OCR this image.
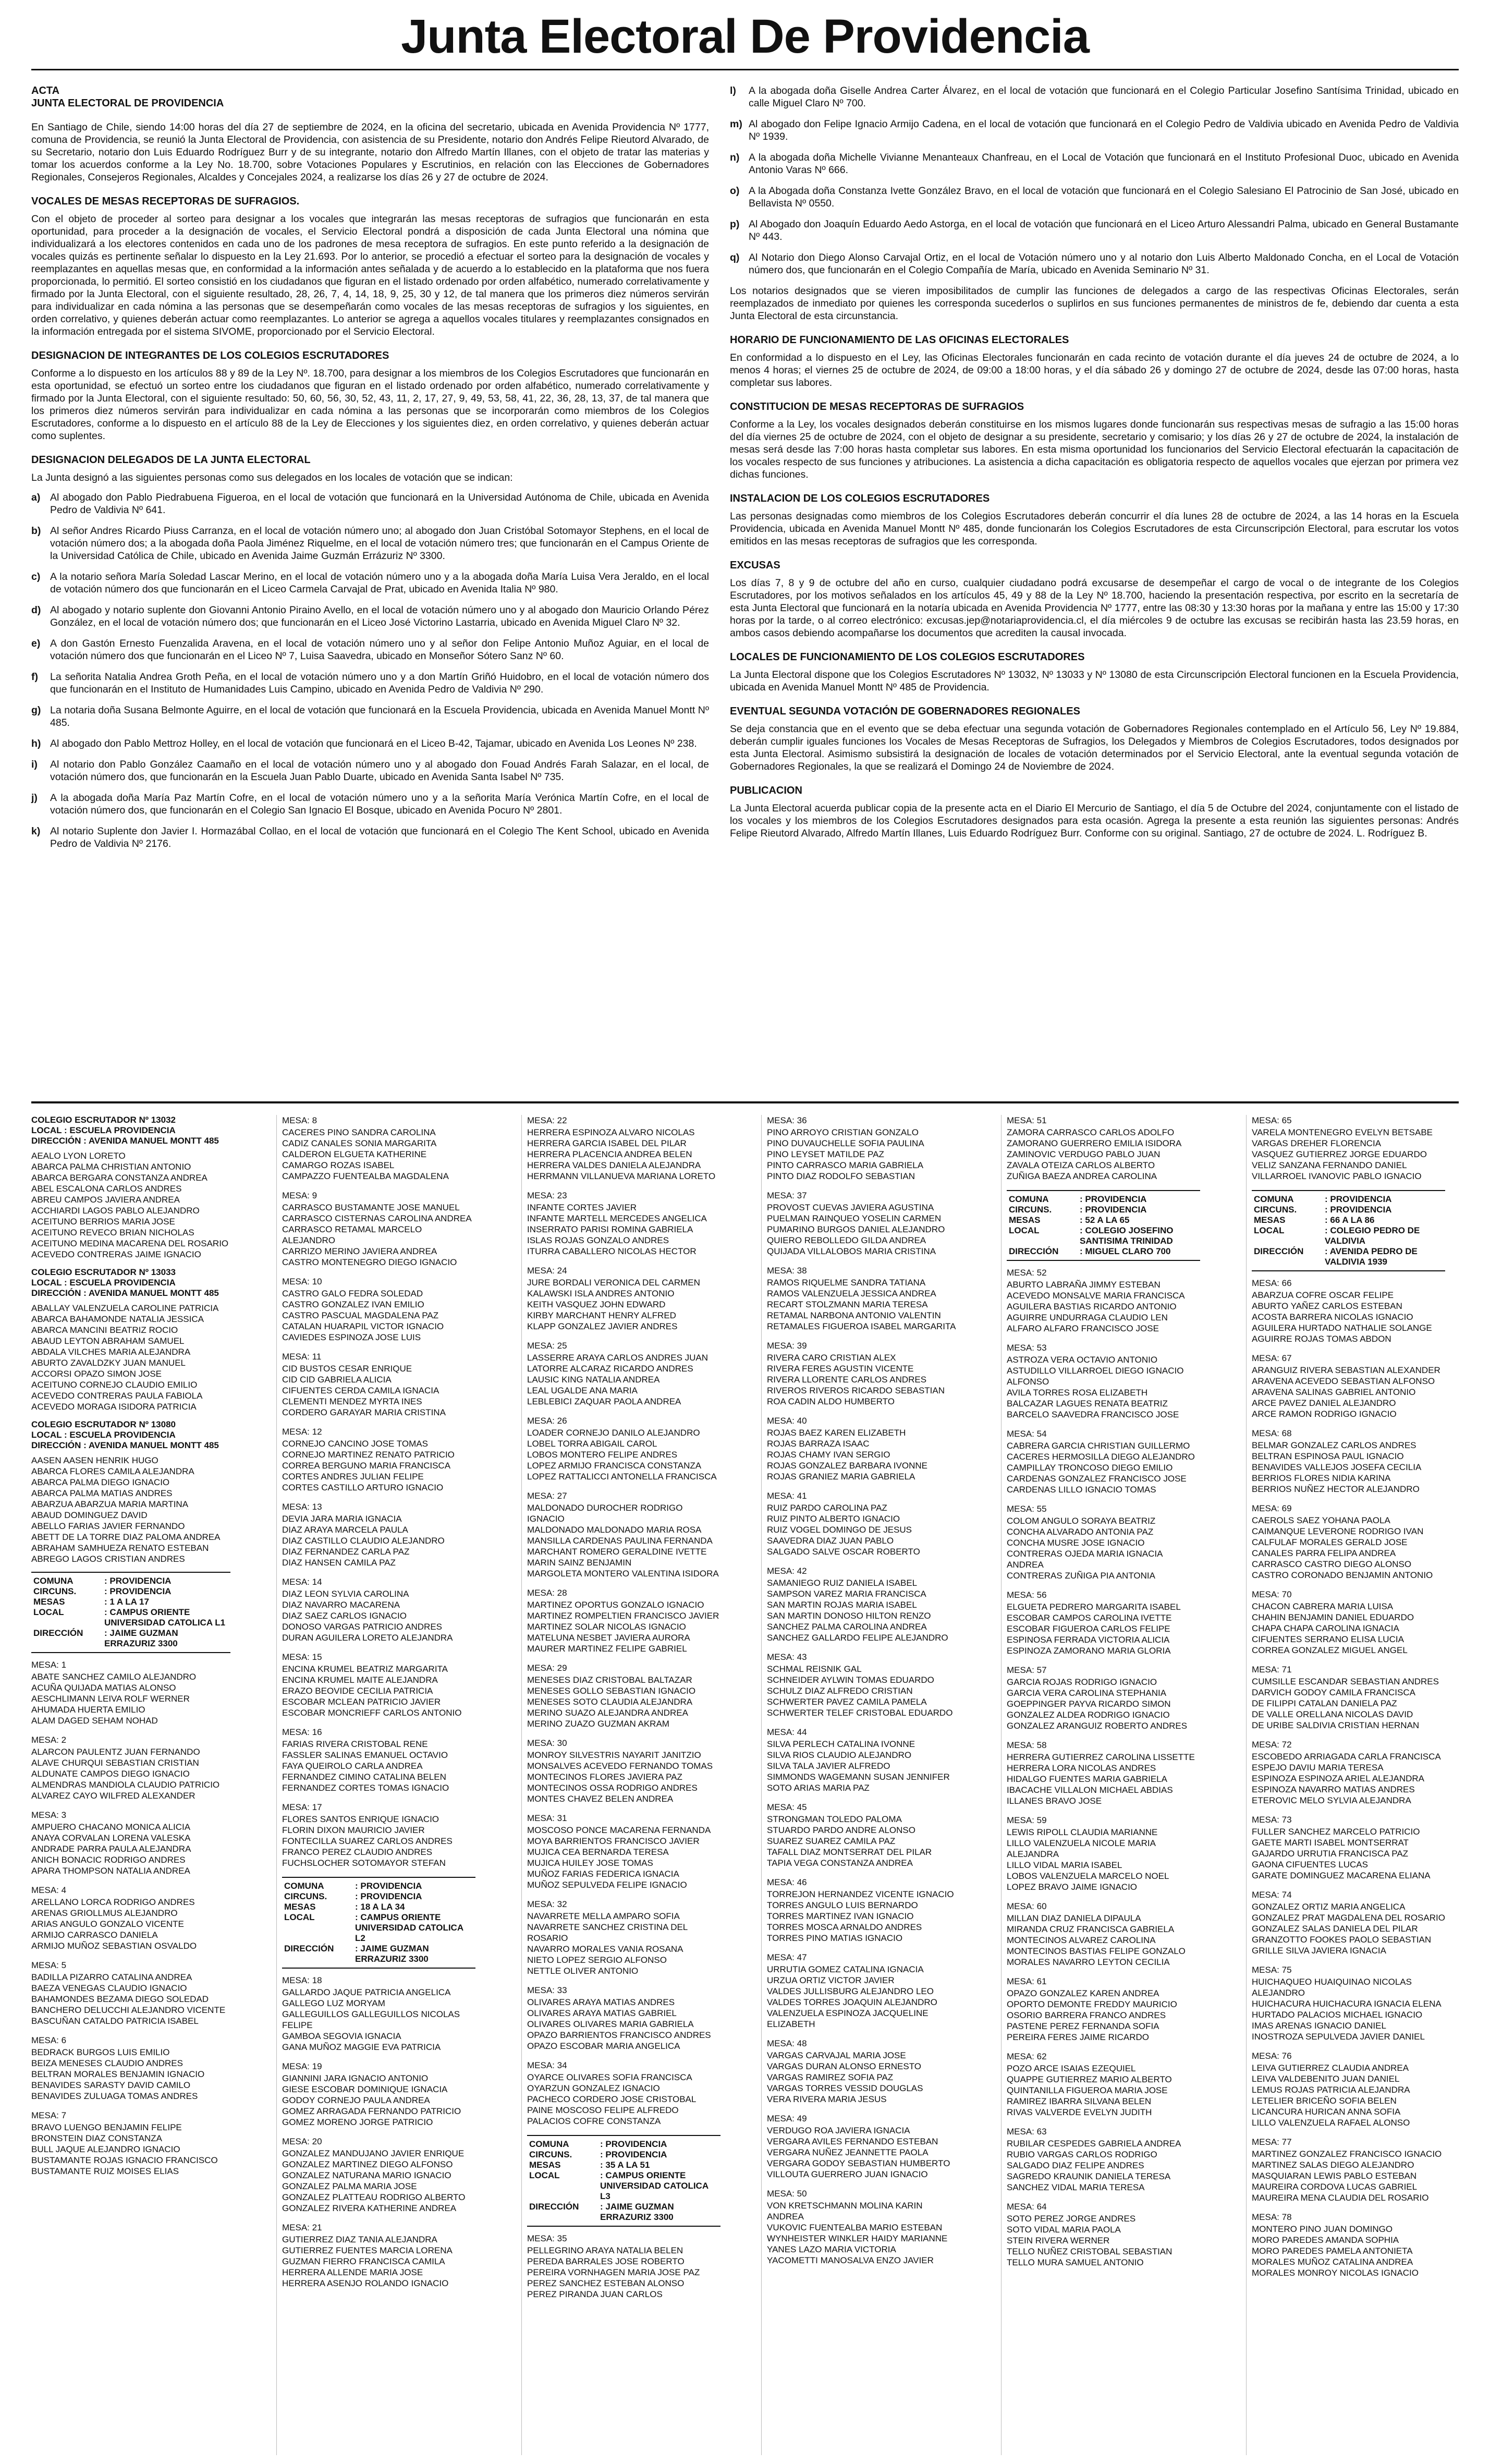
Junta Electoral De Providencia
ACTA
JUNTA ELECTORAL DE PROVIDENCIA

En Santiago de Chile, siendo 14:00 horas del día 27 de septiembre de 2024, en la oficina del secretario, ubicada en Avenida Providencia Nº 1777, comuna de Providencia, se reunió la Junta Electoral de Providencia, con asistencia de su Presidente, notario don Andrés Felipe Rieutord Alvarado, de su Secretario, notario don Luis Eduardo Rodríguez Burr y de su integrante, notario don Alfredo Martín Illanes, con el objeto de tratar las materias y tomar los acuerdos conforme a la Ley No. 18.700, sobre Votaciones Populares y Escrutinios, en relación con las Elecciones de Gobernadores Regionales, Consejeros Regionales, Alcaldes y Concejales 2024, a realizarse los días 26 y 27 de octubre de 2024.

VOCALES DE MESAS RECEPTORAS DE SUFRAGIOS.

Con el objeto de proceder al sorteo para designar a los vocales que integrarán las mesas receptoras de sufragios que funcionarán en esta oportunidad, para proceder a la designación de vocales, el Servicio Electoral pondrá a disposición de cada Junta Electoral una nómina que individualizará a los electores contenidos en cada uno de los padrones de mesa receptora de sufragios. En este punto referido a la designación de vocales quizás es pertinente señalar lo dispuesto en la Ley 21.693. Por lo anterior, se procedió a efectuar el sorteo para la designación de vocales y reemplazantes en aquellas mesas que, en conformidad a la información antes señalada y de acuerdo a lo establecido en la plataforma que nos fuera proporcionada, lo permitió. El sorteo consistió en los ciudadanos que figuran en el listado ordenado por orden alfabético, numerado correlativamente y firmado por la Junta Electoral, con el siguiente resultado, 28, 26, 7, 4, 14, 18, 9, 25, 30 y 12, de tal manera que los primeros diez números servirán para individualizar en cada nómina a las personas que se desempeñarán como vocales de las mesas receptoras de sufragios y los siguientes, en orden correlativo, y quienes deberán actuar como reemplazantes. Lo anterior se agrega a aquellos vocales titulares y reemplazantes consignados en la información entregada por el sistema SIVOME, proporcionado por el Servicio Electoral.

DESIGNACION DE INTEGRANTES DE LOS COLEGIOS ESCRUTADORES

Conforme a lo dispuesto en los artículos 88 y 89 de la Ley Nº. 18.700, para designar a los miembros de los Colegios Escrutadores que funcionarán en esta oportunidad, se efectuó un sorteo entre los ciudadanos que figuran en el listado ordenado por orden alfabético, numerado correlativamente y firmado por la Junta Electoral, con el siguiente resultado: 50, 60, 56, 30, 52, 43, 11, 2, 17, 27, 9, 49, 53, 58, 41, 22, 36, 28, 13, 37, de tal manera que los primeros diez números servirán para individualizar en cada nómina a las personas que se incorporarán como miembros de los Colegios Escrutadores, conforme a lo dispuesto en el artículo 88 de la Ley de Elecciones y los siguientes diez, en orden correlativo, y quienes deberán actuar como suplentes.

DESIGNACION DELEGADOS DE LA JUNTA ELECTORAL

La Junta designó a las siguientes personas como sus delegados en los locales de votación que se indican:

a) Al abogado don Pablo Piedrabuena Figueroa, en el local de votación que funcionará en la Universidad Autónoma de Chile, ubicada en Avenida Pedro de Valdivia Nº 641.
b) Al señor Andres Ricardo Piuss Carranza, en el local de votación número uno; al abogado don Juan Cristóbal Sotomayor Stephens, en el local de votación número dos; a la abogada doña Paola Jiménez Riquelme, en el local de votación número tres; que funcionarán en el Campus Oriente de la Universidad Católica de Chile, ubicado en Avenida Jaime Guzmán Errázuriz Nº 3300.
c) A la notario señora María Soledad Lascar Merino, en el local de votación número uno y a la abogada doña María Luisa Vera Jeraldo, en el local de votación número dos que funcionarán en el Liceo Carmela Carvajal de Prat, ubicado en Avenida Italia Nº 980.
d) Al abogado y notario suplente don Giovanni Antonio Piraino Avello, en el local de votación número uno y al abogado don Mauricio Orlando Pérez González, en el local de votación número dos; que funcionarán en el Liceo José Victorino Lastarria, ubicado en Avenida Miguel Claro Nº 32.
e) A don Gastón Ernesto Fuenzalida Aravena, en el local de votación número uno y al señor don Felipe Antonio Muñoz Aguiar, en el local de votación número dos que funcionarán en el Liceo Nº 7, Luisa Saavedra, ubicado en Monseñor Sótero Sanz Nº 60.
f)	La señorita Natalia Andrea Groth Peña, en el local de votación número uno y a don Martín Griñó Huidobro, en el local de votación número dos que funcionarán en el Instituto de Humanidades Luis Campino, ubicado en Avenida Pedro de Valdivia Nº 290.
g) La notaria doña Susana Belmonte Aguirre, en el local de votación que funcionará en la Escuela Providencia, ubicada en Avenida Manuel Montt Nº 485.
h) Al abogado don Pablo Mettroz Holley, en el local de votación que funcionará en el Liceo B-42, Tajamar, ubicado en Avenida Los Leones Nº 238.
i)	Al notario don Pablo González Caamaño en el local de votación número uno y al abogado don Fouad Andrés Farah Salazar, en el local, de votación número dos, que funcionarán en la Escuela Juan Pablo Duarte, ubicado en Avenida Santa Isabel Nº 735.
j)	A la abogada doña María Paz Martín Cofre, en el local de votación número uno y a la señorita María Verónica Martín Cofre, en el local de votación número dos, que funcionarán en el Colegio San Ignacio El Bosque, ubicado en Avenida Pocuro Nº 2801.
k) Al notario Suplente don Javier I. Hormazábal Collao, en el local de votación que funcionará en el Colegio The Kent School, ubicado en Avenida Pedro de Valdivia Nº 2176.
l)	A la abogada doña Giselle Andrea Carter Álvarez, en el local de votación que funcionará en el Colegio Particular Josefino Santísima Trinidad, ubicado en calle Miguel Claro Nº 700.
m) Al abogado don Felipe Ignacio Armijo Cadena, en el local de votación que funcionará en el Colegio Pedro de Valdivia ubicado en Avenida Pedro de Valdivia Nº 1939.
n) A la abogada doña Michelle Vivianne Menanteaux Chanfreau, en el Local de Votación que funcionará en el Instituto Profesional Duoc, ubicado en Avenida Antonio Varas Nº 666.
o) A la Abogada doña Constanza Ivette González Bravo, en el local de votación que funcionará en el Colegio Salesiano El Patrocinio de San José, ubicado en Bellavista Nº 0550.
p) Al Abogado don Joaquín Eduardo Aedo Astorga, en el local de votación que funcionará en el Liceo Arturo Alessandri Palma, ubicado en General Bustamante Nº 443.
q) Al Notario don Diego Alonso Carvajal Ortiz, en el local de Votación número uno y al notario don Luis Alberto Maldonado Concha, en el Local de Votación número dos, que funcionarán en el Colegio Compañía de María, ubicado en Avenida Seminario Nº 31.

Los notarios designados que se vieren imposibilitados de cumplir las funciones de delegados a cargo de las respectivas Oficinas Electorales, serán reemplazados de inmediato por quienes les corresponda sucederlos o suplirlos en sus funciones permanentes de ministros de fe, debiendo dar cuenta a esta Junta Electoral de esta circunstancia.

HORARIO DE FUNCIONAMIENTO DE LAS OFICINAS ELECTORALES

En conformidad a lo dispuesto en el Ley, las Oficinas Electorales funcionarán en cada recinto de votación durante el día jueves 24 de octubre de 2024, a lo menos 4 horas; el viernes 25 de octubre de 2024, de 09:00 a 18:00 horas, y el día sábado 26 y domingo 27 de octubre de 2024, desde las 07:00 horas, hasta completar sus labores.

CONSTITUCION DE MESAS RECEPTORAS DE SUFRAGIOS

Conforme a la Ley, los vocales designados deberán constituirse en los mismos lugares donde funcionarán sus respectivas mesas de sufragio a las 15:00 horas del día viernes 25 de octubre de 2024, con el objeto de designar a su presidente, secretario y comisario; y los días 26 y 27 de octubre de 2024, la instalación de mesas será desde las 7:00 horas hasta completar sus labores. En esta misma oportunidad los funcionarios del Servicio Electoral efectuarán la capacitación de los vocales respecto de sus funciones y atribuciones. La asistencia a dicha capacitación es obligatoria respecto de aquellos vocales que ejerzan por primera vez dichas funciones.

INSTALACION DE LOS COLEGIOS ESCRUTADORES

Las personas designadas como miembros de los Colegios Escrutadores deberán concurrir el día lunes 28 de octubre de 2024, a las 14 horas en la Escuela Providencia, ubicada en Avenida Manuel Montt Nº 485, donde funcionarán los Colegios Escrutadores de esta Circunscripción Electoral, para escrutar los votos emitidos en las mesas receptoras de sufragios que les corresponda.

EXCUSAS

Los días 7, 8 y 9 de octubre del año en curso, cualquier ciudadano podrá excusarse de desempeñar el cargo de vocal o de integrante de los Colegios Escrutadores, por los motivos señalados en los artículos 45, 49 y 88 de la Ley Nº 18.700, haciendo la presentación respectiva, por escrito en la secretaría de esta Junta Electoral que funcionará en la notaría ubicada en Avenida Providencia Nº 1777, entre las 08:30 y 13:30 horas por la mañana y entre las 15:00 y 17:30 horas por la tarde, o al correo electrónico: excusas.jep@notariaprovidencia.cl, el día miércoles 9 de octubre las excusas se recibirán hasta las 23.59 horas, en ambos casos debiendo acompañarse los documentos que acrediten la causal invocada.

LOCALES DE FUNCIONAMIENTO DE LOS COLEGIOS ESCRUTADORES

La Junta Electoral dispone que los Colegios Escrutadores Nº 13032, Nº 13033 y Nº 13080 de esta Circunscripción Electoral funcionen en la Escuela Providencia, ubicada en Avenida Manuel Montt Nº 485 de Providencia.

EVENTUAL SEGUNDA VOTACIÓN DE GOBERNADORES REGIONALES

Se deja constancia que en el evento que se deba efectuar una segunda votación de Gobernadores Regionales contemplado en el Artículo 56, Ley Nº 19.884, deberán cumplir iguales funciones los Vocales de Mesas Receptoras de Sufragios, los Delegados y Miembros de Colegios Escrutadores, todos designados por esta Junta Electoral. Asimismo subsistirá la designación de locales de votación determinados por el Servicio Electoral, ante la eventual segunda votación de Gobernadores Regionales, la que se realizará el Domingo 24 de Noviembre de 2024.

PUBLICACION

La Junta Electoral acuerda publicar copia de la presente acta en el Diario El Mercurio de Santiago, el día 5 de Octubre del 2024, conjuntamente con el listado de los vocales y los miembros de los Colegios Escrutadores designados para esta ocasión. Agrega la presente a esta reunión las siguientes personas: Andrés Felipe Rieutord Alvarado, Alfredo Martín Illanes, Luis Eduardo Rodríguez Burr. Conforme con su original. Santiago, 27 de octubre de 2024. L. Rodríguez B.

COLEGIO ESCRUTADOR Nº 13032
LOCAL : ESCUELA PROVIDENCIA
DIRECCIÓN : AVENIDA MANUEL MONTT 485
AEALO LYON LORETO
ABARCA PALMA CHRISTIAN ANTONIO
ABARCA BERGARA CONSTANZA ANDREA
ABEL ESCALONA CARLOS ANDRES
ABREU CAMPOS JAVIERA ANDREA
ACCHIARDI LAGOS PABLO ALEJANDRO
ACEITUNO BERRIOS MARIA JOSE
ACEITUNO REVECO BRIAN NICHOLAS
ACEITUNO MEDINA MACARENA DEL ROSARIO
ACEVEDO CONTRERAS JAIME IGNACIO
COLEGIO ESCRUTADOR Nº 13033
LOCAL : ESCUELA PROVIDENCIA
DIRECCIÓN : AVENIDA MANUEL MONTT 485
ABALLAY VALENZUELA CAROLINE PATRICIA
ABARCA BAHAMONDE NATALIA JESSICA
ABARCA MANCINI BEATRIZ ROCIO
ABAUD LEYTON ABRAHAM SAMUEL
ABDALA VILCHES MARIA ALEJANDRA
ABURTO ZAVALDZKY JUAN MANUEL
ACCORSI OPAZO SIMON JOSE
ACEITUNO CORNEJO CLAUDIO EMILIO
ACEVEDO CONTRERAS PAULA FABIOLA
ACEVEDO MORAGA ISIDORA PATRICIA
COLEGIO ESCRUTADOR Nº 13080
LOCAL : ESCUELA PROVIDENCIA
DIRECCIÓN : AVENIDA MANUEL MONTT 485
AASEN AASEN HENRIK HUGO
ABARCA FLORES CAMILA ALEJANDRA
ABARCA PALMA DIEGO IGNACIO
ABARCA PALMA MATIAS ANDRES
ABARZUA ABARZUA MARIA MARTINA
ABAUD DOMINGUEZ DAVID
ABELLO FARIAS JAVIER FERNANDO
ABETT DE LA TORRE DIAZ PALOMA ANDREA
ABRAHAM SAMHUEZA RENATO ESTEBAN
ABREGO LAGOS CRISTIAN ANDRES
COMUNA	: PROVIDENCIA
CIRCUNS.	: PROVIDENCIA
MESAS	: 1 A LA 17
LOCAL	: CAMPUS ORIENTE UNIVERSIDAD CATOLICA L1
DIRECCIÓN	: JAIME GUZMAN ERRAZURIZ 3300
MESA: 1
ABATE SANCHEZ CAMILO ALEJANDRO
ACUÑA QUIJADA MATIAS ALONSO
AESCHLIMANN LEIVA ROLF WERNER
AHUMADA HUERTA EMILIO
ALAM DAGED SEHAM NOHAD
MESA: 2
ALARCON PAULENTZ JUAN FERNANDO
ALAVE CHURQUI SEBASTIAN CRISTIAN
ALDUNATE CAMPOS DIEGO IGNACIO
ALMENDRAS MANDIOLA CLAUDIO PATRICIO
ALVAREZ CAYO WILFRED ALEXANDER
MESA: 3
AMPUERO CHACANO MONICA ALICIA
ANAYA CORVALAN LORENA VALESKA
ANDRADE PARRA PAULA ALEJANDRA
ANICH BONACIC RODRIGO ANDRES
APARA THOMPSON NATALIA ANDREA
MESA: 4
ARELLANO LORCA RODRIGO ANDRES
ARENAS GRIOLLMUS ALEJANDRO
ARIAS ANGULO GONZALO VICENTE
ARMIJO CARRASCO DANIELA
ARMIJO MUÑOZ SEBASTIAN OSVALDO
MESA: 5
BADILLA PIZARRO CATALINA ANDREA
BAEZA VENEGAS CLAUDIO IGNACIO
BAHAMONDES BEZAMA DIEGO SOLEDAD
BANCHERO DELUCCHI ALEJANDRO VICENTE
BASCUÑAN CATALDO PATRICIA ISABEL
MESA: 6
BEDRACK BURGOS LUIS EMILIO
BEIZA MENESES CLAUDIO ANDRES
BELTRAN MORALES BENJAMIN IGNACIO
BENAVIDES SARASTY DAVID CAMILO
BENAVIDES ZULUAGA TOMAS ANDRES
MESA: 7
BRAVO LUENGO BENJAMIN FELIPE
BRONSTEIN DIAZ CONSTANZA
BULL JAQUE ALEJANDRO IGNACIO
BUSTAMANTE ROJAS IGNACIO FRANCISCO
BUSTAMANTE RUIZ MOISES ELIAS
MESA: 8
CACERES PINO SANDRA CAROLINA
CADIZ CANALES SONIA MARGARITA
CALDERON ELGUETA KATHERINE
CAMARGO ROZAS ISABEL
CAMPAZZO FUENTEALBA MAGDALENA
MESA: 9
CARRASCO BUSTAMANTE JOSE MANUEL
CARRASCO CISTERNAS CAROLINA ANDREA
CARRASCO RETAMAL MARCELO ALEJANDRO
CARRIZO MERINO JAVIERA ANDREA
CASTRO MONTENEGRO DIEGO IGNACIO
MESA: 10
CASTRO GALO FEDRA SOLEDAD
CASTRO GONZALEZ IVAN EMILIO
CASTRO PASCUAL MAGDALENA PAZ
CATALAN HUARAPIL VICTOR IGNACIO
CAVIEDES ESPINOZA JOSE LUIS
MESA: 11
CID BUSTOS CESAR ENRIQUE
CID CID GABRIELA ALICIA
CIFUENTES CERDA CAMILA IGNACIA
CLEMENTI MENDEZ MYRTA INES
CORDERO GARAYAR MARIA CRISTINA
MESA: 12
CORNEJO CANCINO JOSE TOMAS
CORNEJO MARTINEZ RENATO PATRICIO
CORREA BERGUNO MARIA FRANCISCA
CORTES ANDRES JULIAN FELIPE
CORTES CASTILLO ARTURO IGNACIO
MESA: 13
DEVIA JARA MARIA IGNACIA
DIAZ ARAYA MARCELA PAULA
DIAZ CASTILLO CLAUDIO ALEJANDRO
DIAZ FERNANDEZ CARLA PAZ
DIAZ HANSEN CAMILA PAZ
MESA: 14
DIAZ LEON SYLVIA CAROLINA
DIAZ NAVARRO MACARENA
DIAZ SAEZ CARLOS IGNACIO
DONOSO VARGAS PATRICIO ANDRES
DURAN AGUILERA LORETO ALEJANDRA
MESA: 15
ENCINA KRUMEL BEATRIZ MARGARITA
ENCINA KRUMEL MAITE ALEJANDRA
ERAZO BEOVIDE CECILIA PATRICIA
ESCOBAR MCLEAN PATRICIO JAVIER
ESCOBAR MONCRIEFF CARLOS ANTONIO
MESA: 16
FARIAS RIVERA CRISTOBAL RENE
FASSLER SALINAS EMANUEL OCTAVIO
FAYA QUEIROLO CARLA ANDREA
FERNANDEZ CIMINO CATALINA BELEN
FERNANDEZ CORTES TOMAS IGNACIO
MESA: 17
FLORES SANTOS ENRIQUE IGNACIO
FLORIN DIXON MAURICIO JAVIER
FONTECILLA SUAREZ CARLOS ANDRES
FRANCO PEREZ CLAUDIO ANDRES
FUCHSLOCHER SOTOMAYOR STEFAN
COMUNA	: PROVIDENCIA
CIRCUNS.	: PROVIDENCIA
MESAS	: 18 A LA 34
LOCAL	: CAMPUS ORIENTE UNIVERSIDAD CATOLICA L2
DIRECCIÓN	: JAIME GUZMAN ERRAZURIZ 3300
MESA: 18
GALLARDO JAQUE PATRICIA ANGELICA
GALLEGO LUZ MORYAM
GALLEGUILLOS GALLEGUILLOS NICOLAS FELIPE
GAMBOA SEGOVIA IGNACIA
GANA MUÑOZ MAGGIE EVA PATRICIA
MESA: 19
GIANNINI JARA IGNACIO ANTONIO
GIESE ESCOBAR DOMINIQUE IGNACIA
GODOY CORNEJO PAULA ANDREA
GOMEZ ARRAGADA FERNANDO PATRICIO
GOMEZ MORENO JORGE PATRICIO
MESA: 20
GONZALEZ MANDUJANO JAVIER ENRIQUE
GONZALEZ MARTINEZ DIEGO ALFONSO
GONZALEZ NATURANA MARIO IGNACIO
GONZALEZ PALMA MARIA JOSE
GONZALEZ PLATTEAU RODRIGO ALBERTO
GONZALEZ RIVERA KATHERINE ANDREA
MESA: 21
GUTIERREZ DIAZ TANIA ALEJANDRA
GUTIERREZ FUENTES MARCIA LORENA
GUZMAN FIERRO FRANCISCA CAMILA
HERRERA ALLENDE MARIA JOSE
HERRERA ASENJO ROLANDO IGNACIO
MESA: 22
HERRERA ESPINOZA ALVARO NICOLAS
HERRERA GARCIA ISABEL DEL PILAR
HERRERA PLACENCIA ANDREA BELEN
HERRERA VALDES DANIELA ALEJANDRA
HERRMANN VILLANUEVA MARIANA LORETO
MESA: 23
INFANTE CORTES JAVIER
INFANTE MARTELL MERCEDES ANGELICA
INSERRATO PARISI ROMINA GABRIELA
ISLAS ROJAS GONZALO ANDRES
ITURRA CABALLERO NICOLAS HECTOR
MESA: 24
JURE BORDALI VERONICA DEL CARMEN
KALAWSKI ISLA ANDRES ANTONIO
KEITH VASQUEZ JOHN EDWARD
KIRBY MARCHANT HENRY ALFRED
KLAPP GONZALEZ JAVIER ANDRES
MESA: 25
LASSERRE ARAYA CARLOS ANDRES JUAN
LATORRE ALCARAZ RICARDO ANDRES
LAUSIC KING NATALIA ANDREA
LEAL UGALDE ANA MARIA
LEBLEBICI ZAQUAR PAOLA ANDREA
MESA: 26
LOADER CORNEJO DANILO ALEJANDRO
LOBEL TORRA ABIGAIL CAROL
LOBOS MONTERO FELIPE ANDRES
LOPEZ ARMIJO FRANCISCA CONSTANZA
LOPEZ RATTALICCI ANTONELLA FRANCISCA
MESA: 27
MALDONADO DUROCHER RODRIGO IGNACIO
MALDONADO MALDONADO MARIA ROSA
MANSILLA CARDENAS PAULINA FERNANDA
MARCHANT ROMERO GERALDINE IVETTE
MARIN SAINZ BENJAMIN
MARGOLETA MONTERO VALENTINA ISIDORA
MESA: 28
MARTINEZ OPORTUS GONZALO IGNACIO
MARTINEZ ROMPELTIEN FRANCISCO JAVIER
MARTINEZ SOLAR NICOLAS IGNACIO
MATELUNA NESBET JAVIERA AURORA
MAURER MARTINEZ FELIPE GABRIEL
MESA: 29
MENESES DIAZ CRISTOBAL BALTAZAR
MENESES GOLLO SEBASTIAN IGNACIO
MENESES SOTO CLAUDIA ALEJANDRA
MERINO SUAZO ALEJANDRA ANDREA
MERINO ZUAZO GUZMAN AKRAM
MESA: 30
MONROY SILVESTRIS NAYARIT JANITZIO
MONSALVES ACEVEDO FERNANDO TOMAS
MONTECINOS FLORES JAVIERA PAZ
MONTECINOS OSSA RODRIGO ANDRES
MONTES CHAVEZ BELEN ANDREA
MESA: 31
MOSCOSO PONCE MACARENA FERNANDA
MOYA BARRIENTOS FRANCISCO JAVIER
MUJICA CEA BERNARDA TERESA
MUJICA HUILEY JOSE TOMAS
MUÑOZ FARIAS FEDERICA IGNACIA
MUÑOZ SEPULVEDA FELIPE IGNACIO
MESA: 32
NAVARRETE MELLA AMPARO SOFIA
NAVARRETE SANCHEZ CRISTINA DEL ROSARIO
NAVARRO MORALES VANIA ROSANA
NIETO LOPEZ SERGIO ALFONSO
NETTLE OLIVER ANTONIO
MESA: 33
OLIVARES ARAYA MATIAS ANDRES
OLIVARES ARAYA MATIAS GABRIEL
OLIVARES OLIVARES MARIA GABRIELA
OPAZO BARRIENTOS FRANCISCO ANDRES
OPAZO ESCOBAR MARIA ANGELICA
MESA: 34
OYARCE OLIVARES SOFIA FRANCISCA
OYARZUN GONZALEZ IGNACIO
PACHECO CORDERO JOSE CRISTOBAL
PAINE MOSCOSO FELIPE ALFREDO
PALACIOS COFRE CONSTANZA
COMUNA	: PROVIDENCIA
CIRCUNS.	: PROVIDENCIA
MESAS	: 35 A LA 51
LOCAL	: CAMPUS ORIENTE UNIVERSIDAD CATOLICA L3
DIRECCIÓN	: JAIME GUZMAN ERRAZURIZ 3300
MESA: 35
PELLEGRINO ARAYA NATALIA BELEN
PEREDA BARRALES JOSE ROBERTO
PEREIRA VORNHAGEN MARIA JOSE PAZ
PEREZ SANCHEZ ESTEBAN ALONSO
PEREZ PIRANDA JUAN CARLOS
MESA: 36
PINO ARROYO CRISTIAN GONZALO
PINO DUVAUCHELLE SOFIA PAULINA
PINO LEYSET MATILDE PAZ
PINTO CARRASCO MARIA GABRIELA
PINTO DIAZ RODOLFO SEBASTIAN
MESA: 37
PROVOST CUEVAS JAVIERA AGUSTINA
PUELMAN RAINQUEO YOSELIN CARMEN
PUMARINO BURGOS DANIEL ALEJANDRO
QUIERO REBOLLEDO GILDA ANDREA
QUIJADA VILLALOBOS MARIA CRISTINA
MESA: 38
RAMOS RIQUELME SANDRA TATIANA
RAMOS VALENZUELA JESSICA ANDREA
RECART STOLZMANN MARIA TERESA
RETAMAL NARBONA ANTONIO VALENTIN
RETAMALES FIGUEROA ISABEL MARGARITA
MESA: 39
RIVERA CARO CRISTIAN ALEX
RIVERA FERES AGUSTIN VICENTE
RIVERA LLORENTE CARLOS ANDRES
RIVEROS RIVEROS RICARDO SEBASTIAN
ROA CADIN ALDO HUMBERTO
MESA: 40
ROJAS BAEZ KAREN ELIZABETH
ROJAS BARRAZA ISAAC
ROJAS CHAMY IVAN SERGIO
ROJAS GONZALEZ BARBARA IVONNE
ROJAS GRANIEZ MARIA GABRIELA
MESA: 41
RUIZ PARDO CAROLINA PAZ
RUIZ PINTO ALBERTO IGNACIO
RUIZ VOGEL DOMINGO DE JESUS
SAAVEDRA DIAZ JUAN PABLO
SALGADO SALVE OSCAR ROBERTO
MESA: 42
SAMANIEGO RUIZ DANIELA ISABEL
SAMPSON VAREZ MARIA FRANCISCA
SAN MARTIN ROJAS MARIA ISABEL
SAN MARTIN DONOSO HILTON RENZO
SANCHEZ PALMA CAROLINA ANDREA
SANCHEZ GALLARDO FELIPE ALEJANDRO
MESA: 43
SCHMAL REISNIK GAL
SCHNEIDER AYLWIN TOMAS EDUARDO
SCHULZ DIAZ ALFREDO CRISTIAN
SCHWERTER PAVEZ CAMILA PAMELA
SCHWERTER TELEF CRISTOBAL EDUARDO
MESA: 44
SILVA PERLECH CATALINA IVONNE
SILVA RIOS CLAUDIO ALEJANDRO
SILVA TALA JAVIER ALFREDO
SIMMONDS WAGEMANN SUSAN JENNIFER
SOTO ARIAS MARIA PAZ
MESA: 45
STRONGMAN TOLEDO PALOMA
STUARDO PARDO ANDRE ALONSO
SUAREZ SUAREZ CAMILA PAZ
TAFALL DIAZ MONTSERRAT DEL PILAR
TAPIA VEGA CONSTANZA ANDREA
MESA: 46
TORREJON HERNANDEZ VICENTE IGNACIO
TORRES ANGULO LUIS BERNARDO
TORRES MARTINEZ IVAN IGNACIO
TORRES MOSCA ARNALDO ANDRES
TORRES PINO MATIAS IGNACIO
MESA: 47
URRUTIA GOMEZ CATALINA IGNACIA
URZUA ORTIZ VICTOR JAVIER
VALDES JULLISBURG ALEJANDRO LEO
VALDES TORRES JOAQUIN ALEJANDRO
VALENZUELA ESPINOZA JACQUELINE ELIZABETH
MESA: 48
VARGAS CARVAJAL MARIA JOSE
VARGAS DURAN ALONSO ERNESTO
VARGAS RAMIREZ SOFIA PAZ
VARGAS TORRES VESSID DOUGLAS
VERA RIVERA MARIA JESUS
MESA: 49
VERDUGO ROA JAVIERA IGNACIA
VERGARA AVILES FERNANDO ESTEBAN
VERGARA NUÑEZ JEANNETTE PAOLA
VERGARA GODOY SEBASTIAN HUMBERTO
VILLOUTA GUERRERO JUAN IGNACIO
MESA: 50
VON KRETSCHMANN MOLINA KARIN ANDREA
VUKOVIC FUENTEALBA MARIO ESTEBAN
WYNHEISTER WINKLER HAIDY MARIANNE
YANES LAZO MARIA VICTORIA
YACOMETTI MANOSALVA ENZO JAVIER
MESA: 51
ZAMORA CARRASCO CARLOS ADOLFO
ZAMORANO GUERRERO EMILIA ISIDORA
ZAMINOVIC VERDUGO PABLO JUAN
ZAVALA OTEIZA CARLOS ALBERTO
ZUÑIGA BAEZA ANDREA CAROLINA
COMUNA	: PROVIDENCIA
CIRCUNS.	: PROVIDENCIA
MESAS	: 52 A LA 65
LOCAL	: COLEGIO JOSEFINO SANTISIMA TRINIDAD
DIRECCIÓN	: MIGUEL CLARO 700
MESA: 52
ABURTO LABRAÑA JIMMY ESTEBAN
ACEVEDO MONSALVE MARIA FRANCISCA
AGUILERA BASTIAS RICARDO ANTONIO
AGUIRRE UNDURRAGA CLAUDIO LEN
ALFARO ALFARO FRANCISCO JOSE
MESA: 53
ASTROZA VERA OCTAVIO ANTONIO
ASTUDILLO VILLARROEL DIEGO IGNACIO ALFONSO
AVILA TORRES ROSA ELIZABETH
BALCAZAR LAGUES RENATA BEATRIZ
BARCELO SAAVEDRA FRANCISCO JOSE
MESA: 54
CABRERA GARCIA CHRISTIAN GUILLERMO
CACERES HERMOSILLA DIEGO ALEJANDRO
CAMPILLAY TRONCOSO DIEGO EMILIO
CARDENAS GONZALEZ FRANCISCO JOSE
CARDENAS LILLO IGNACIO TOMAS
MESA: 55
COLOM ANGULO SORAYA BEATRIZ
CONCHA ALVARADO ANTONIA PAZ
CONCHA MUSRE JOSE IGNACIO
CONTRERAS OJEDA MARIA IGNACIA ANDREA
CONTRERAS ZUÑIGA PIA ANTONIA
MESA: 56
ELGUETA PEDRERO MARGARITA ISABEL
ESCOBAR CAMPOS CAROLINA IVETTE
ESCOBAR FIGUEROA CARLOS FELIPE
ESPINOSA FERRADA VICTORIA ALICIA
ESPINOZA ZAMORANO MARIA GLORIA
MESA: 57
GARCIA ROJAS RODRIGO IGNACIO
GARCIA VERA CAROLINA STEPHANIA
GOEPPINGER PAYVA RICARDO SIMON
GONZALEZ ALDEA RODRIGO IGNACIO
GONZALEZ ARANGUIZ ROBERTO ANDRES
MESA: 58
HERRERA GUTIERREZ CAROLINA LISSETTE
HERRERA LORA NICOLAS ANDRES
HIDALGO FUENTES MARIA GABRIELA
IBACACHE VILLALON MICHAEL ABDIAS
ILLANES BRAVO JOSE
MESA: 59
LEWIS RIPOLL CLAUDIA MARIANNE
LILLO VALENZUELA NICOLE MARIA ALEJANDRA
LILLO VIDAL MARIA ISABEL
LOBOS VALENZUELA MARCELO NOEL
LOPEZ BRAVO JAIME IGNACIO
MESA: 60
MILLAN DIAZ DANIELA DIPAULA
MIRANDA CRUZ FRANCISCA GABRIELA
MONTECINOS ALVAREZ CAROLINA
MONTECINOS BASTIAS FELIPE GONZALO
MORALES NAVARRO LEYTON CECILIA
MESA: 61
OPAZO GONZALEZ KAREN ANDREA
OPORTO DEMONTE FREDDY MAURICIO
OSORIO BARRERA FRANCO ANDRES
PASTENE PEREZ FERNANDA SOFIA
PEREIRA FERES JAIME RICARDO
MESA: 62
POZO ARCE ISAIAS EZEQUIEL
QUAPPE GUTIERREZ MARIO ALBERTO
QUINTANILLA FIGUEROA MARIA JOSE
RAMIREZ IBARRA SILVANA BELEN
RIVAS VALVERDE EVELYN JUDITH
MESA: 63
RUBILAR CESPEDES GABRIELA ANDREA
RUBIO VARGAS CARLOS RODRIGO
SALGADO DIAZ FELIPE ANDRES
SAGREDO KRAUNIK DANIELA TERESA
SANCHEZ VIDAL MARIA TERESA
MESA: 64
SOTO PEREZ JORGE ANDRES
SOTO VIDAL MARIA PAOLA
STEIN RIVERA WERNER
TELLO NUÑEZ CRISTOBAL SEBASTIAN
TELLO MURA SAMUEL ANTONIO
MESA: 65
VARELA MONTENEGRO EVELYN BETSABE
VARGAS DREHER FLORENCIA
VASQUEZ GUTIERREZ JORGE EDUARDO
VELIZ SANZANA FERNANDO DANIEL
VILLARROEL IVANOVIC PABLO IGNACIO
COMUNA	: PROVIDENCIA
CIRCUNS.	: PROVIDENCIA
MESAS	: 66 A LA 86
LOCAL	: COLEGIO PEDRO DE VALDIVIA
DIRECCIÓN	: AVENIDA PEDRO DE VALDIVIA 1939
MESA: 66
ABARZUA COFRE OSCAR FELIPE
ABURTO YAÑEZ CARLOS ESTEBAN
ACOSTA BARRERA NICOLAS IGNACIO
AGUILERA HURTADO NATHALIE SOLANGE
AGUIRRE ROJAS TOMAS ABDON
MESA: 67
ARANGUIZ RIVERA SEBASTIAN ALEXANDER
ARAVENA ACEVEDO SEBASTIAN ALFONSO
ARAVENA SALINAS GABRIEL ANTONIO
ARCE PAVEZ DANIEL ALEJANDRO
ARCE RAMON RODRIGO IGNACIO
MESA: 68
BELMAR GONZALEZ CARLOS ANDRES
BELTRAN ESPINOSA PAUL IGNACIO
BENAVIDES VALLEJOS JOSEFA CECILIA
BERRIOS FLORES NIDIA KARINA
BERRIOS NUÑEZ HECTOR ALEJANDRO
MESA: 69
CAEROLS SAEZ YOHANA PAOLA
CAIMANQUE LEVERONE RODRIGO IVAN
CALFULAF MORALES GERALD JOSE
CANALES PARRA FELIPA ANDREA
CARRASCO CASTRO DIEGO ALONSO
CASTRO CORONADO BENJAMIN ANTONIO
MESA: 70
CHACON CABRERA MARIA LUISA
CHAHIN BENJAMIN DANIEL EDUARDO
CHAPA CHAPA CAROLINA IGNACIA
CIFUENTES SERRANO ELISA LUCIA
CORREA GONZALEZ MIGUEL ANGEL
MESA: 71
CUMSILLE ESCANDAR SEBASTIAN ANDRES
DARVICH GODOY CAMILA FRANCISCA
DE FILIPPI CATALAN DANIELA PAZ
DE VALLE ORELLANA NICOLAS DAVID
DE URIBE SALDIVIA CRISTIAN HERNAN
MESA: 72
ESCOBEDO ARRIAGADA CARLA FRANCISCA
ESPEJO DAVIU MARIA TERESA
ESPINOZA ESPINOZA ARIEL ALEJANDRA
ESPINOZA NAVARRO MATIAS ANDRES
ETEROVIC MELO SYLVIA ALEJANDRA
MESA: 73
FULLER SANCHEZ MARCELO PATRICIO
GAETE MARTI ISABEL MONTSERRAT
GAJARDO URRUTIA FRANCISCA PAZ
GAONA CIFUENTES LUCAS
GARATE DOMINGUEZ MACARENA ELIANA
MESA: 74
GONZALEZ ORTIZ MARIA ANGELICA
GONZALEZ PRAT MAGDALENA DEL ROSARIO
GONZALEZ SALAS DANIELA DEL PILAR
GRANZOTTO FOOKES PAOLO SEBASTIAN
GRILLE SILVA JAVIERA IGNACIA
MESA: 75
HUICHAQUEO HUAIQUINAO NICOLAS ALEJANDRO
HUICHACURA HUICHACURA IGNACIA ELENA
HURTADO PALACIOS MICHAEL IGNACIO
IMAS ARENAS IGNACIO DANIEL
INOSTROZA SEPULVEDA JAVIER DANIEL
MESA: 76
LEIVA GUTIERREZ CLAUDIA ANDREA
LEIVA VALDEBENITO JUAN DANIEL
LEMUS ROJAS PATRICIA ALEJANDRA
LETELIER BRICEÑO SOFIA BELEN
LICANCURA HURICAN ANNA SOFIA
LILLO VALENZUELA RAFAEL ALONSO
MESA: 77
MARTINEZ GONZALEZ FRANCISCO IGNACIO
MARTINEZ SALAS DIEGO ALEJANDRO
MASQUIARAN LEWIS PABLO ESTEBAN
MAUREIRA CORDOVA LUCAS GABRIEL
MAUREIRA MENA CLAUDIA DEL ROSARIO
MESA: 78
MONTERO PINO JUAN DOMINGO
MORO PAREDES AMANDA SOPHIA
MORO PAREDES PAMELA ANTONIETA
MORALES MUÑOZ CATALINA ANDREA
MORALES MONROY NICOLAS IGNACIO
